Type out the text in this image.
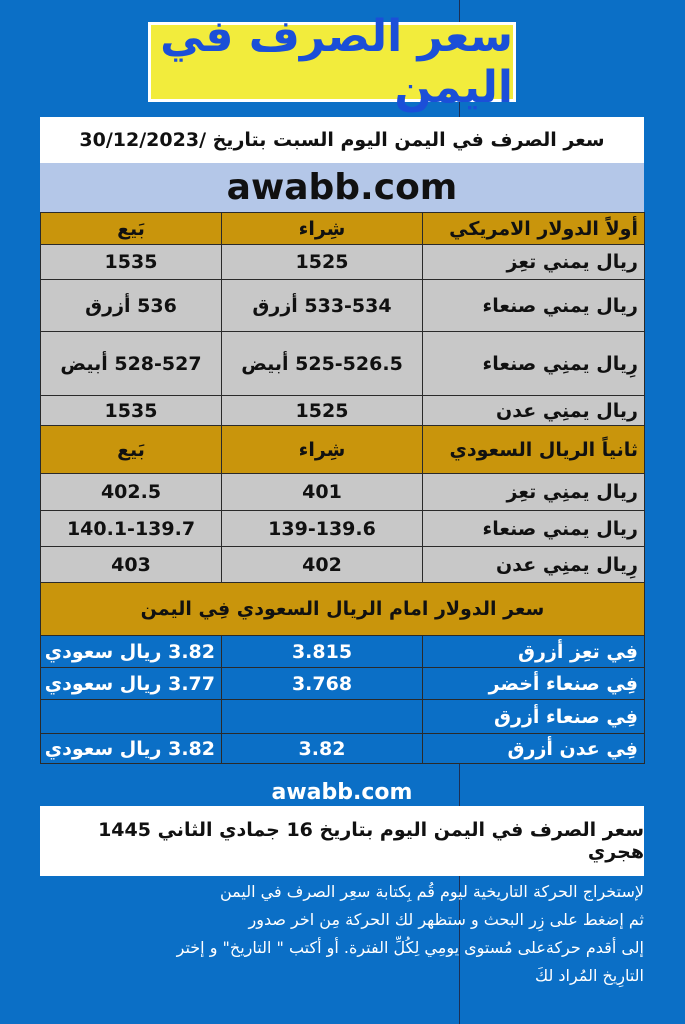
سعر الصرف في اليمن
سعر الصرف في اليمن اليوم السبت بتاريخ /30/12/2023
awabb.com
أولاً الدولار الامريكي	شِراء	بَيع
ريال يمني تعِز	1525	1535
ريال يمني صنعاء	533-534 أزرق	536 أزرق
رِيال يمنِي صنعاء	525-526.5 أبيض	528-527 أبيض
ريال يمنِي عدن	1525	1535
ثانياً الريال السعودي	شِراء	بَيع
ريال يمنِي تعِز	401	402.5
ريال يمني صنعاء	139-139.6	140.1-139.7
رِيال يمنِي عدن	402	403
سعر الدولار امام الريال السعودي فِي اليمن		
فِي تعِز أزرق	3.815	3.82 ريال سعودي
فِي صنعاء أخضر	3.768	3.77 ريال سعودي
فِي صنعاء أزرق		
فِي عدن أزرق	3.82	3.82 ريال سعودي
awabb.com
سعر الصرف في اليمن اليوم بتاريخ 16 جمادي الثاني 1445 هجري

لإستخراج الحركة التاريخية ليوم قُم بِكتابة سعِر الصرف في اليمن

ثم إضغط على زِر البحث و ستظهر لك الحركة مِن اخر صدور

إلى أقدم حركةعلى مُستوى يومِي لِكُلِّ الفترة. أو أكتب " التاريخ" و إختر

التارِيخ المُراد لكَ
